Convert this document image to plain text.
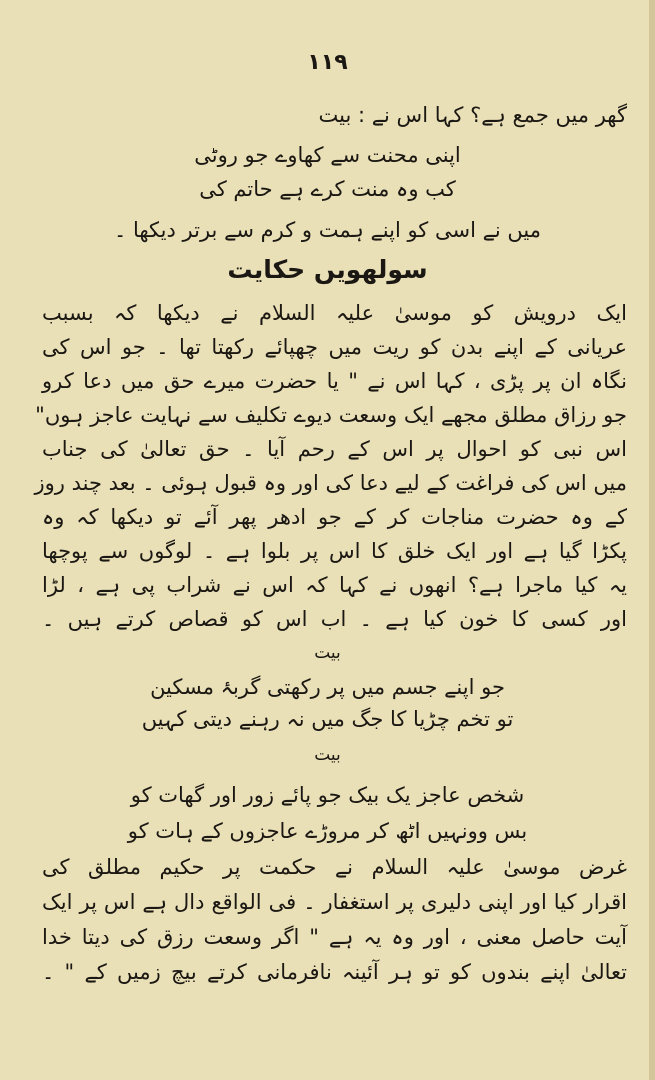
١١٩
گھر میں جمع ہے؟ کہا اس نے : بیت
اپنی محنت سے کھاوے جو روٹی
کب وہ منت کرے ہے حاتم کی
میں نے اسی کو اپنے ہمت و کرم سے برتر دیکھا ۔
سولھویں حکایت
ایک درویش کو موسیٰ علیہ السلام نے دیکھا کہ بسبب
عریانی کے اپنے بدن کو ریت میں چھپائے رکھتا تھا ۔ جو اس کی
نگاہ ان پر پڑی ، کہا اس نے " یا حضرت میرے حق میں دعا کرو
جو رزاق مطلق مجھے ایک وسعت دیوے تکلیف سے نہایت عاجز ہوں"
اس نبی کو احوال پر اس کے رحم آیا ۔ حق تعالیٰ کی جناب
میں اس کی فراغت کے لیے دعا کی اور وہ قبول ہوئی ۔ بعد چند روز
کے وہ حضرت مناجات کر کے جو ادھر پھر آئے تو دیکھا کہ وہ
پکڑا گیا ہے اور ایک خلق کا اس پر بلوا ہے ۔ لوگوں سے پوچھا
یہ کیا ماجرا ہے؟ انھوں نے کہا کہ اس نے شراب پی ہے ، لڑا
اور کسی کا خون کیا ہے ۔ اب اس کو قصاص کرتے ہیں ۔
بیت
جو اپنے جسم میں پر رکھتی گربۂ مسکین
تو تخم چڑیا کا جگ میں نہ رہنے دیتی کہیں
بیت
شخص عاجز یک بیک جو پائے زور اور گھات کو
بس وونہیں اٹھ کر مروڑے عاجزوں کے ہات کو
غرض موسیٰ علیہ السلام نے حکمت پر حکیم مطلق کی
اقرار کیا اور اپنی دلیری پر استغفار ۔ فی الواقع دال ہے اس پر ایک
آیت حاصل معنی ، اور وہ یہ ہے " اگر وسعت رزق کی دیتا خدا
تعالیٰ اپنے بندوں کو تو ہر آئینہ نافرمانی کرتے بیچ زمیں کے " ۔
